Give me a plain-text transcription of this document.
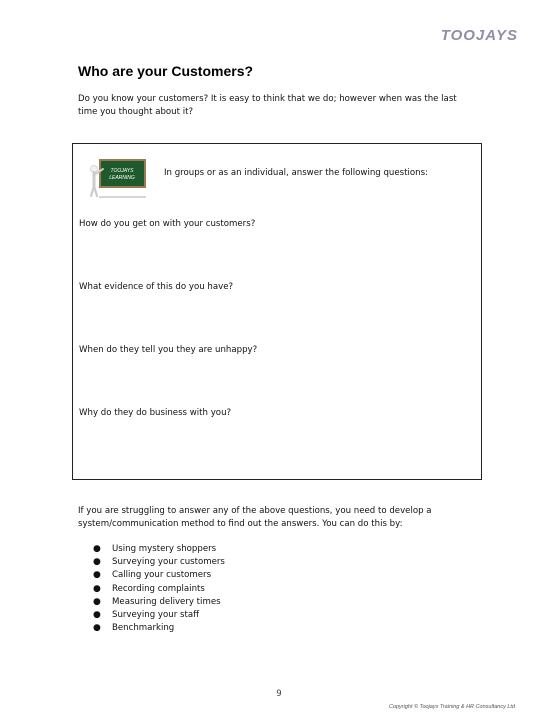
TOOJAYS
Who are your Customers?

Do you know your customers? It is easy to think that we do; however when was the last time you thought about it?

TOOJAYS
LEARNING	In groups or as an individual, answer the following questions:
How do you get on with your customers?
What evidence of this do you have?
When do they tell you they are unhappy?
Why do they do business with you?

If you are struggling to answer any of the above questions, you need to develop a system/communication method to find out the answers. You can do this by:

● Using mystery shoppers
● Surveying your customers
● Calling your customers
● Recording complaints
● Measuring delivery times
● Surveying your staff
● Benchmarking
9
Copyright © Toojays Training & HR Consultancy Ltd
